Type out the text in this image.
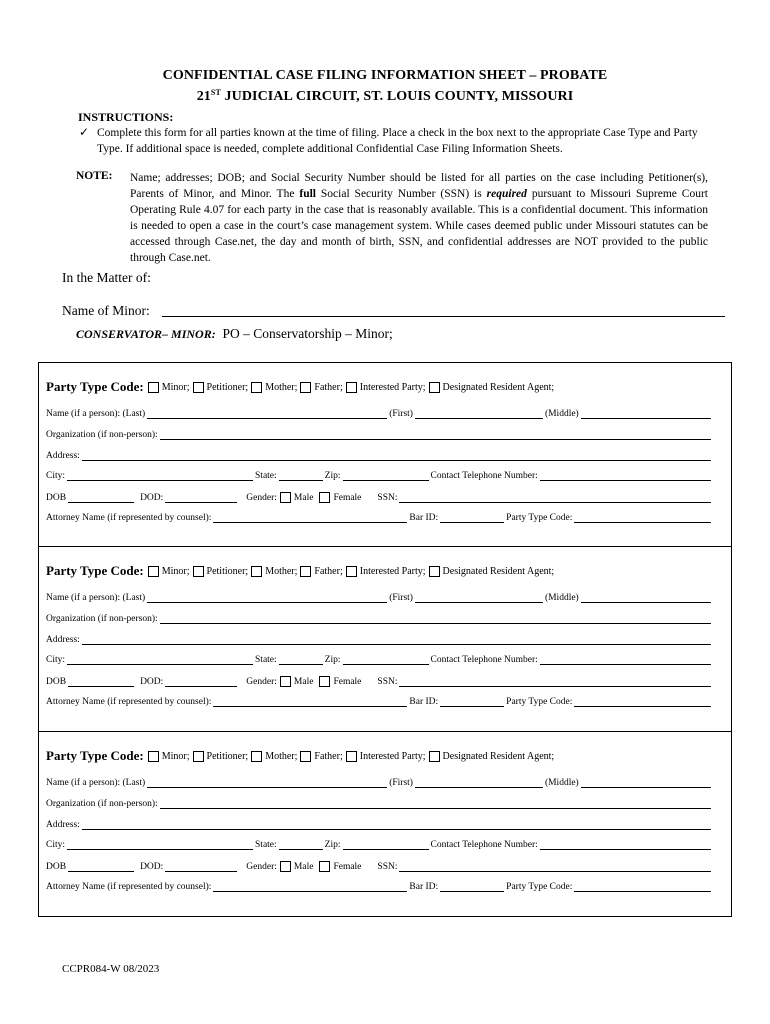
CONFIDENTIAL CASE FILING INFORMATION SHEET – PROBATE
21ST JUDICIAL CIRCUIT, ST. LOUIS COUNTY, MISSOURI
INSTRUCTIONS:
✓ Complete this form for all parties known at the time of filing. Place a check in the box next to the appropriate Case Type and Party Type. If additional space is needed, complete additional Confidential Case Filing Information Sheets.
NOTE: Name; addresses; DOB; and Social Security Number should be listed for all parties on the case including Petitioner(s), Parents of Minor, and Minor. The full Social Security Number (SSN) is required pursuant to Missouri Supreme Court Operating Rule 4.07 for each party in the case that is reasonably available. This is a confidential document. This information is needed to open a case in the court’s case management system. While cases deemed public under Missouri statutes can be accessed through Case.net, the day and month of birth, SSN, and confidential addresses are NOT provided to the public through Case.net.
In the Matter of:
Name of Minor:
CONSERVATOR– MINOR: PO – Conservatorship – Minor;
Party Type Code: Minor; Petitioner; Mother; Father; Interested Party; Designated Resident Agent;
Name (if a person): (Last)	(First)	(Middle)
Organization (if non-person):
Address:
City:	State:	Zip:	Contact Telephone Number:
DOB	DOD:	Gender: Male Female SSN:
Attorney Name (if represented by counsel):	Bar ID:	Party Type Code:
Party Type Code: Minor; Petitioner; Mother; Father; Interested Party; Designated Resident Agent;
Name (if a person): (Last)	(First)	(Middle)
Organization (if non-person):
Address:
City:	State:	Zip:	Contact Telephone Number:
DOB	DOD:	Gender: Male Female SSN:
Attorney Name (if represented by counsel):	Bar ID:	Party Type Code:
Party Type Code: Minor; Petitioner; Mother; Father; Interested Party; Designated Resident Agent;
Name (if a person): (Last)	(First)	(Middle)
Organization (if non-person):
Address:
City:	State:	Zip:	Contact Telephone Number:
DOB	DOD:	Gender: Male Female SSN:
Attorney Name (if represented by counsel):	Bar ID:	Party Type Code:
CCPR084-W 08/2023
